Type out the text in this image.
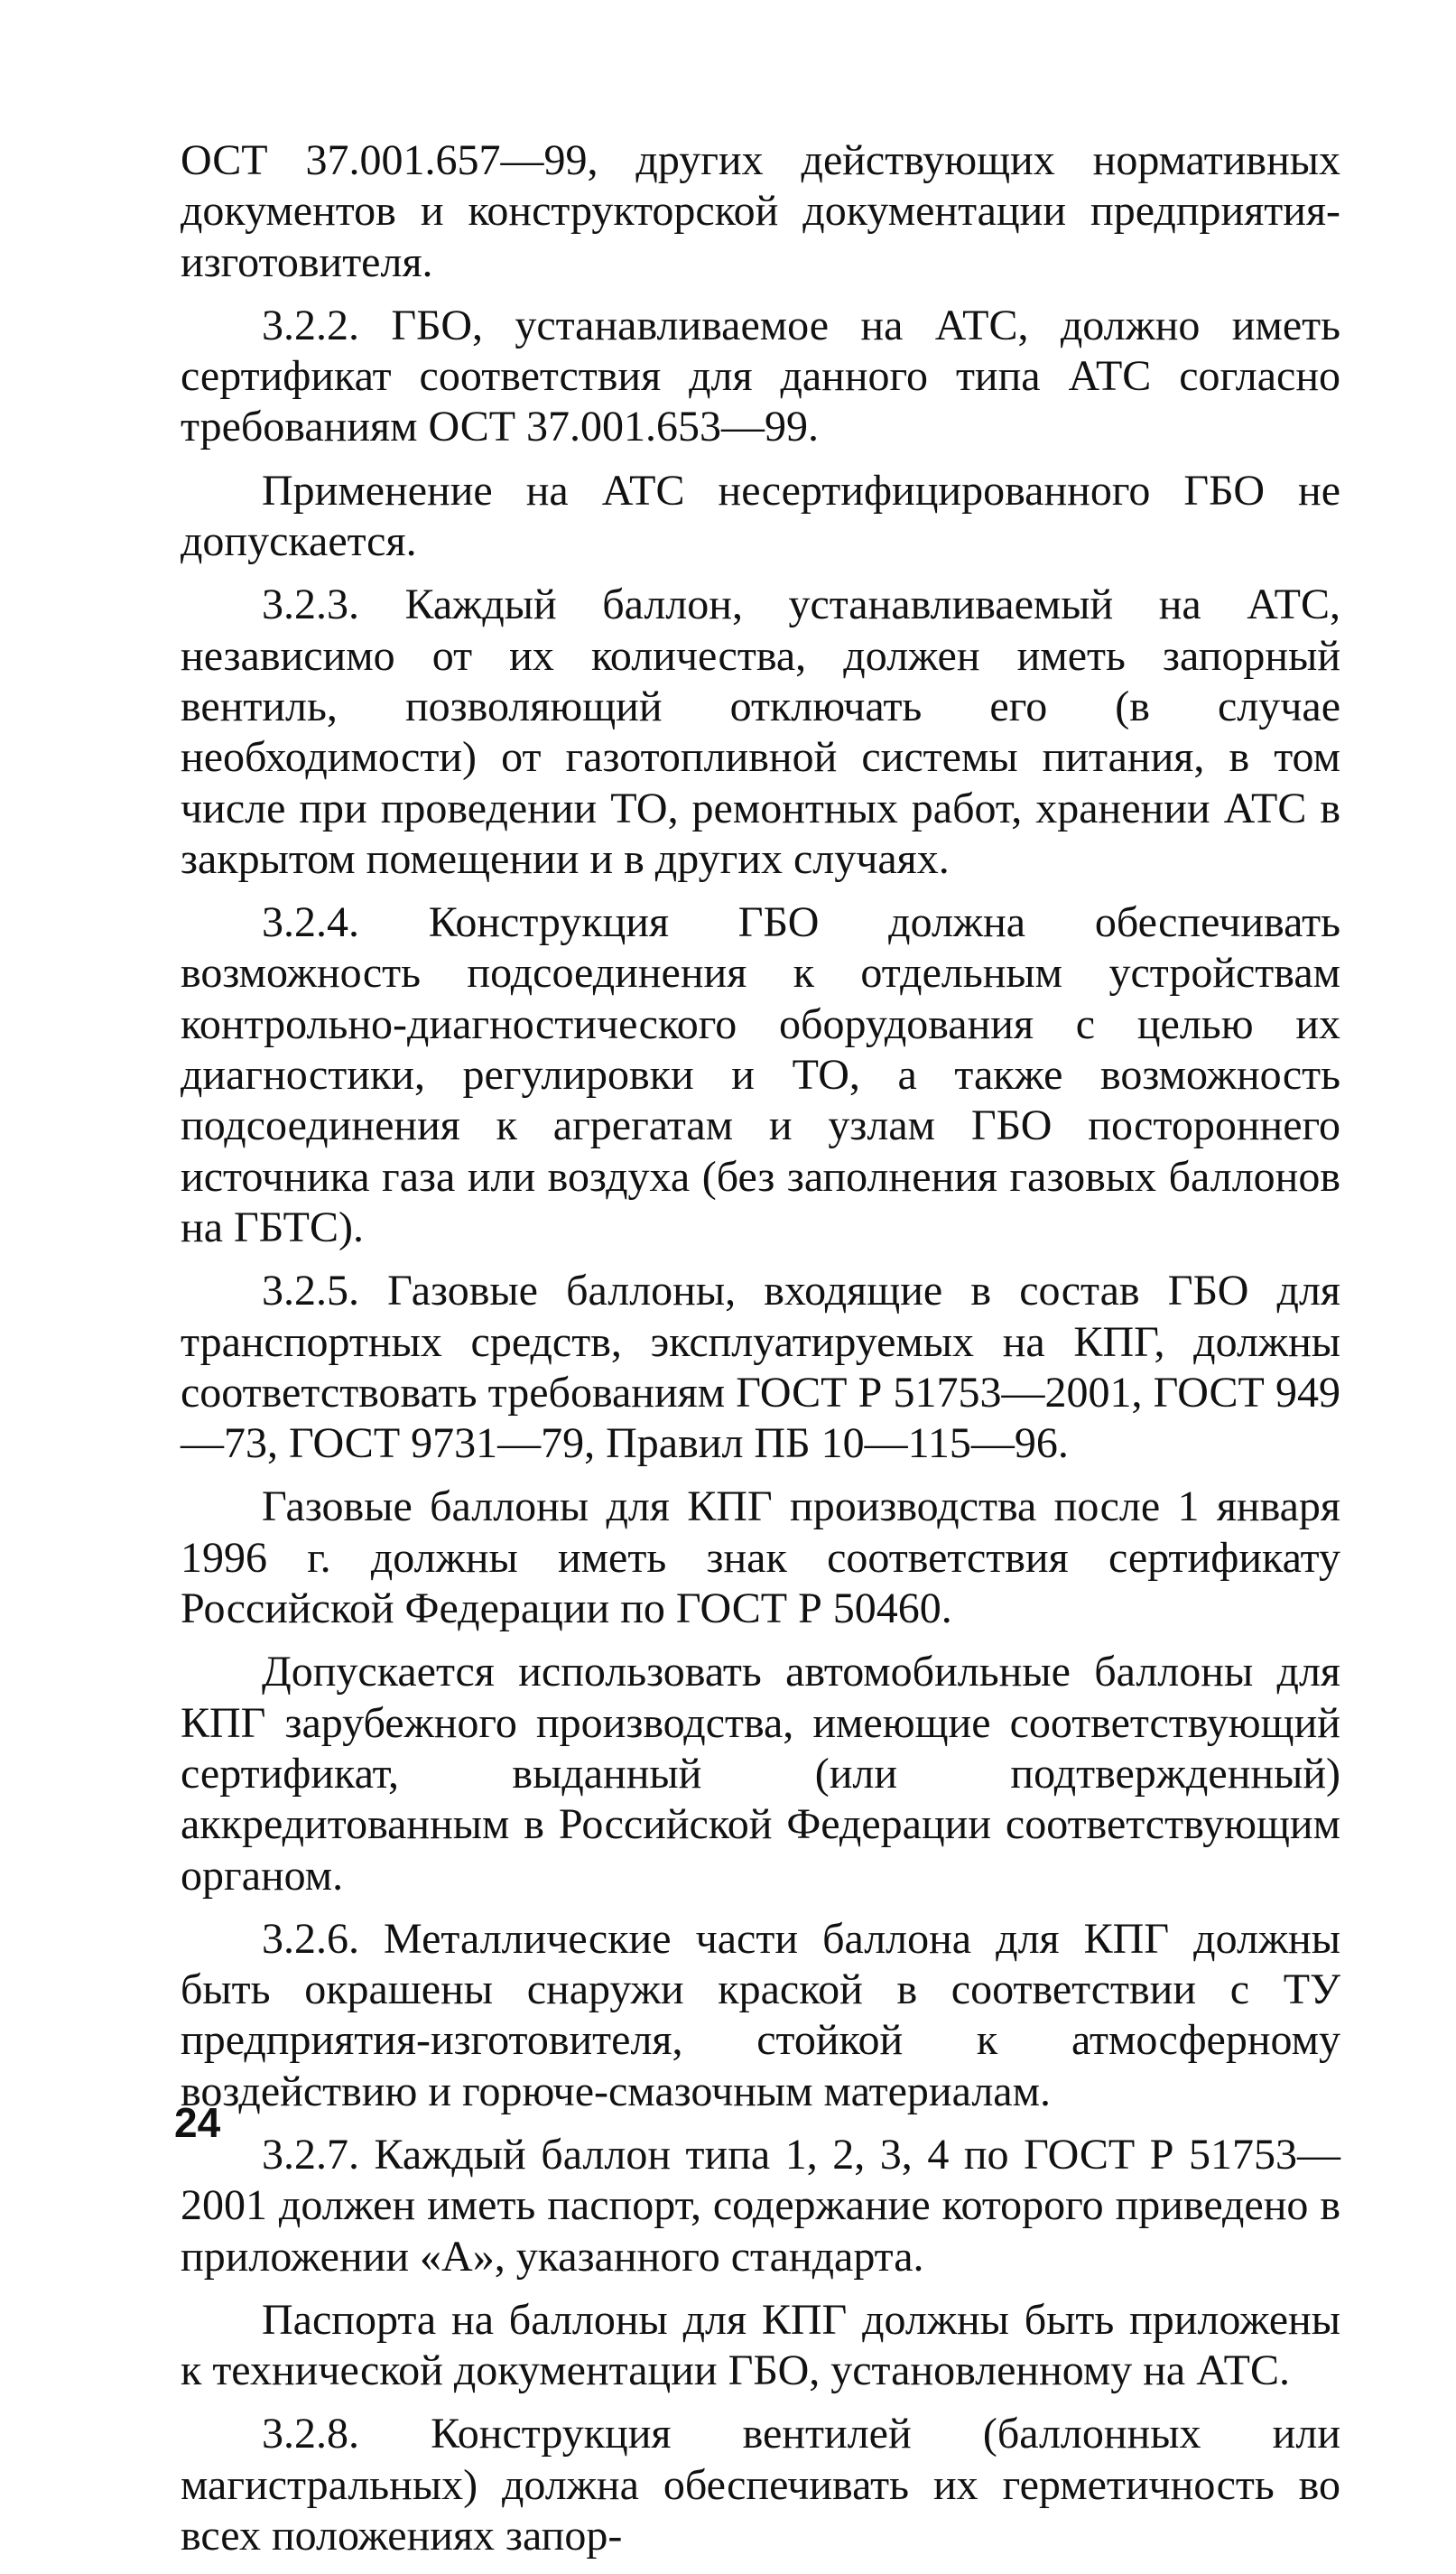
ОСТ 37.001.657—99, других действующих нормативных документов и конструкторской документации предприятия-изготовителя.

3.2.2. ГБО, устанавливаемое на АТС, должно иметь сертификат соответствия для данного типа АТС согласно требованиям ОСТ 37.001.653—99.

Применение на АТС несертифицированного ГБО не допускается.

3.2.3. Каждый баллон, устанавливаемый на АТС, независимо от их количества, должен иметь запорный вентиль, позволяющий отключать его (в случае необходимости) от газотопливной системы питания, в том числе при проведении ТО, ремонтных работ, хранении АТС в закрытом помещении и в других случаях.

3.2.4. Конструкция ГБО должна обеспечивать возможность подсоединения к отдельным устройствам контрольно-диагностического оборудования с целью их диагностики, регулировки и ТО, а также возможность подсоединения к агрегатам и узлам ГБО постороннего источника газа или воздуха (без заполнения газовых баллонов на ГБТС).

3.2.5. Газовые баллоны, входящие в состав ГБО для транспортных средств, эксплуатируемых на КПГ, должны соответствовать требованиям ГОСТ Р 51753—2001, ГОСТ 949—73, ГОСТ 9731—79, Правил ПБ 10—115—96.

Газовые баллоны для КПГ производства после 1 января 1996 г. должны иметь знак соответствия сертификату Российской Федерации по ГОСТ Р 50460.

Допускается использовать автомобильные баллоны для КПГ зарубежного производства, имеющие соответствующий сертификат, выданный (или подтвержденный) аккредитованным в Российской Федерации соответствующим органом.

3.2.6. Металлические части баллона для КПГ должны быть окрашены снаружи краской в соответствии с ТУ предприятия-изготовителя, стойкой к атмосферному воздействию и горюче-смазочным материалам.

3.2.7. Каждый баллон типа 1, 2, 3, 4 по ГОСТ Р 51753—2001 должен иметь паспорт, содержание которого приведено в приложении «А», указанного стандарта.

Паспорта на баллоны для КПГ должны быть приложены к технической документации ГБО, установленному на АТС.

3.2.8. Конструкция вентилей (баллонных или магистральных) должна обеспечивать их герметичность во всех положениях запор-

24
